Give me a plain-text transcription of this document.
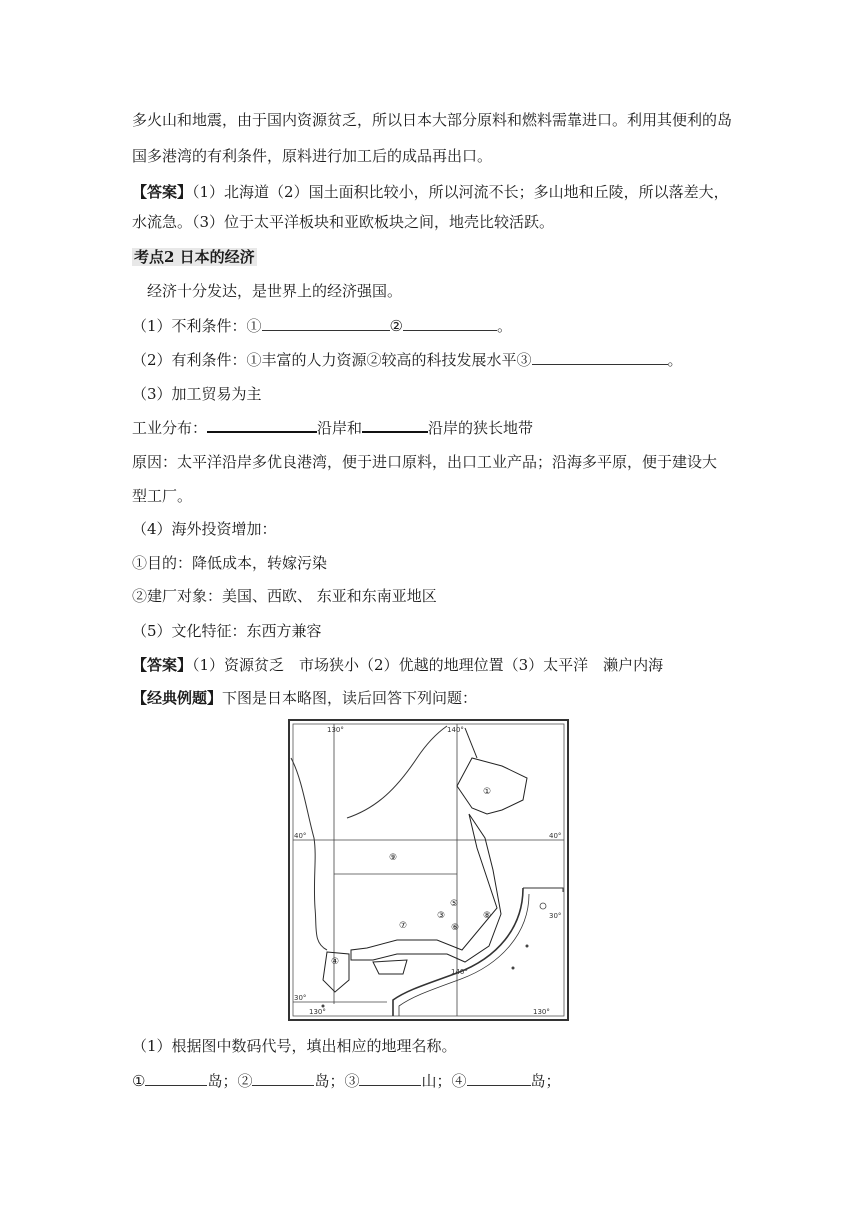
多火山和地震，由于国内资源贫乏，所以日本大部分原料和燃料需靠进口。利用其便利的岛
国多港湾的有利条件，原料进行加工后的成品再出口。
【答案】（1）北海道（2）国土面积比较小，所以河流不长；多山地和丘陵，所以落差大，
水流急。（3）位于太平洋板块和亚欧板块之间，地壳比较活跃。
考点2 日本的经济
经济十分发达，是世界上的经济强国。
（1）不利条件：①	②	。
（2）有利条件：①丰富的人力资源②较高的科技发展水平③	。
（3）加工贸易为主
工业分布：	沿岸和	沿岸的狭长地带
原因：太平洋沿岸多优良港湾，便于进口原料，出口工业产品；沿海多平原，便于建设大
型工厂。
（4）海外投资增加：
①目的：降低成本，转嫁污染
②建厂对象：美国、西欧、 东亚和东南亚地区
（5）文化特征：东西方兼容
【答案】（1）资源贫乏　市场狭小（2）优越的地理位置（3）太平洋　濑户内海
【经典例题】下图是日本略图，读后回答下列问题：
130°	140°
40°	40°
30°
30°
130°
140°
130°
①
⑨
⑤
③
⑥
⑦
⑧
④
（1）根据图中数码代号，填出相应的地理名称。
①	岛；②	岛；③	山；④	岛；
